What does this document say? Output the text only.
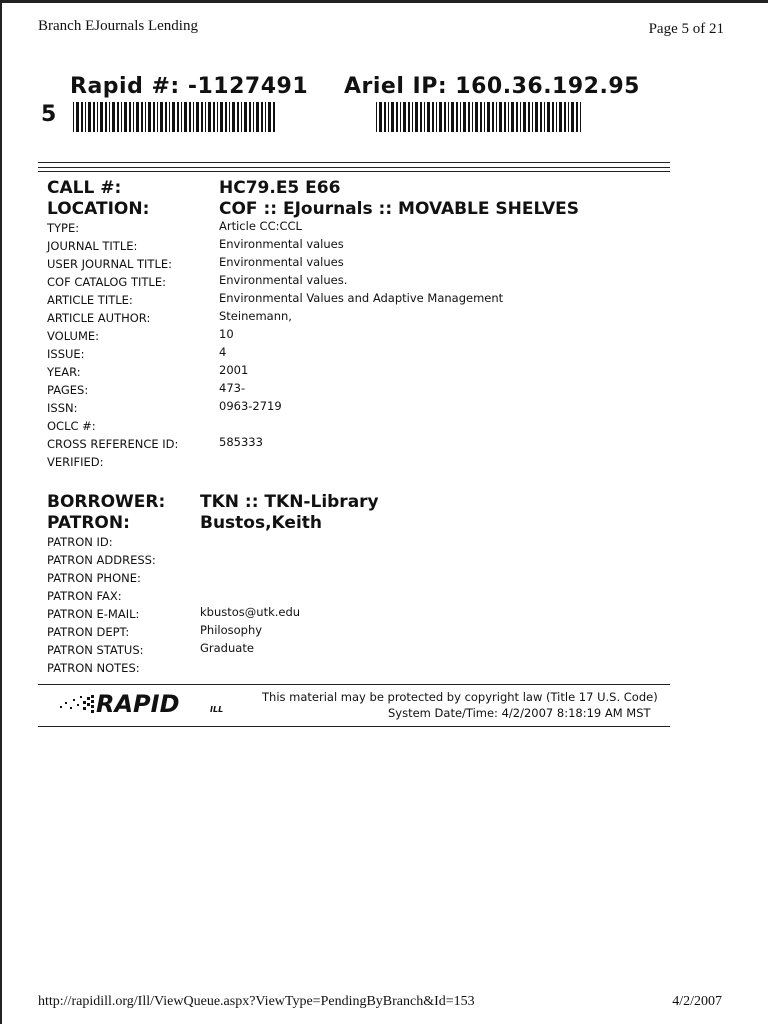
Branch EJournals Lending	Page 5 of 21
5
Rapid #: -1127491 Ariel IP: 160.36.192.95
CALL #:	HC79.E5 E66
LOCATION:	COF :: EJournals :: MOVABLE SHELVES
TYPE:	Article CC:CCL
JOURNAL TITLE:	Environmental values
USER JOURNAL TITLE:	Environmental values
COF CATALOG TITLE:	Environmental values.
ARTICLE TITLE:	Environmental Values and Adaptive Management
ARTICLE AUTHOR:	Steinemann,
VOLUME:	10
ISSUE:	4
YEAR:	2001
PAGES:	473-
ISSN:	0963-2719
OCLC #:
CROSS REFERENCE ID:	585333
VERIFIED:
BORROWER: TKN :: TKN-Library
PATRON:	Bustos,Keith
PATRON ID:
PATRON ADDRESS:
PATRON PHONE:
PATRON FAX:
PATRON E-MAIL:	kbustos@utk.edu
PATRON DEPT:	Philosophy
PATRON STATUS:	Graduate
PATRON NOTES:
RAPID	ILL
This material may be protected by copyright law (Title 17 U.S. Code)
System Date/Time: 4/2/2007 8:18:19 AM MST
http://rapidill.org/Ill/ViewQueue.aspx?ViewType=PendingByBranch&Id=153	4/2/2007
